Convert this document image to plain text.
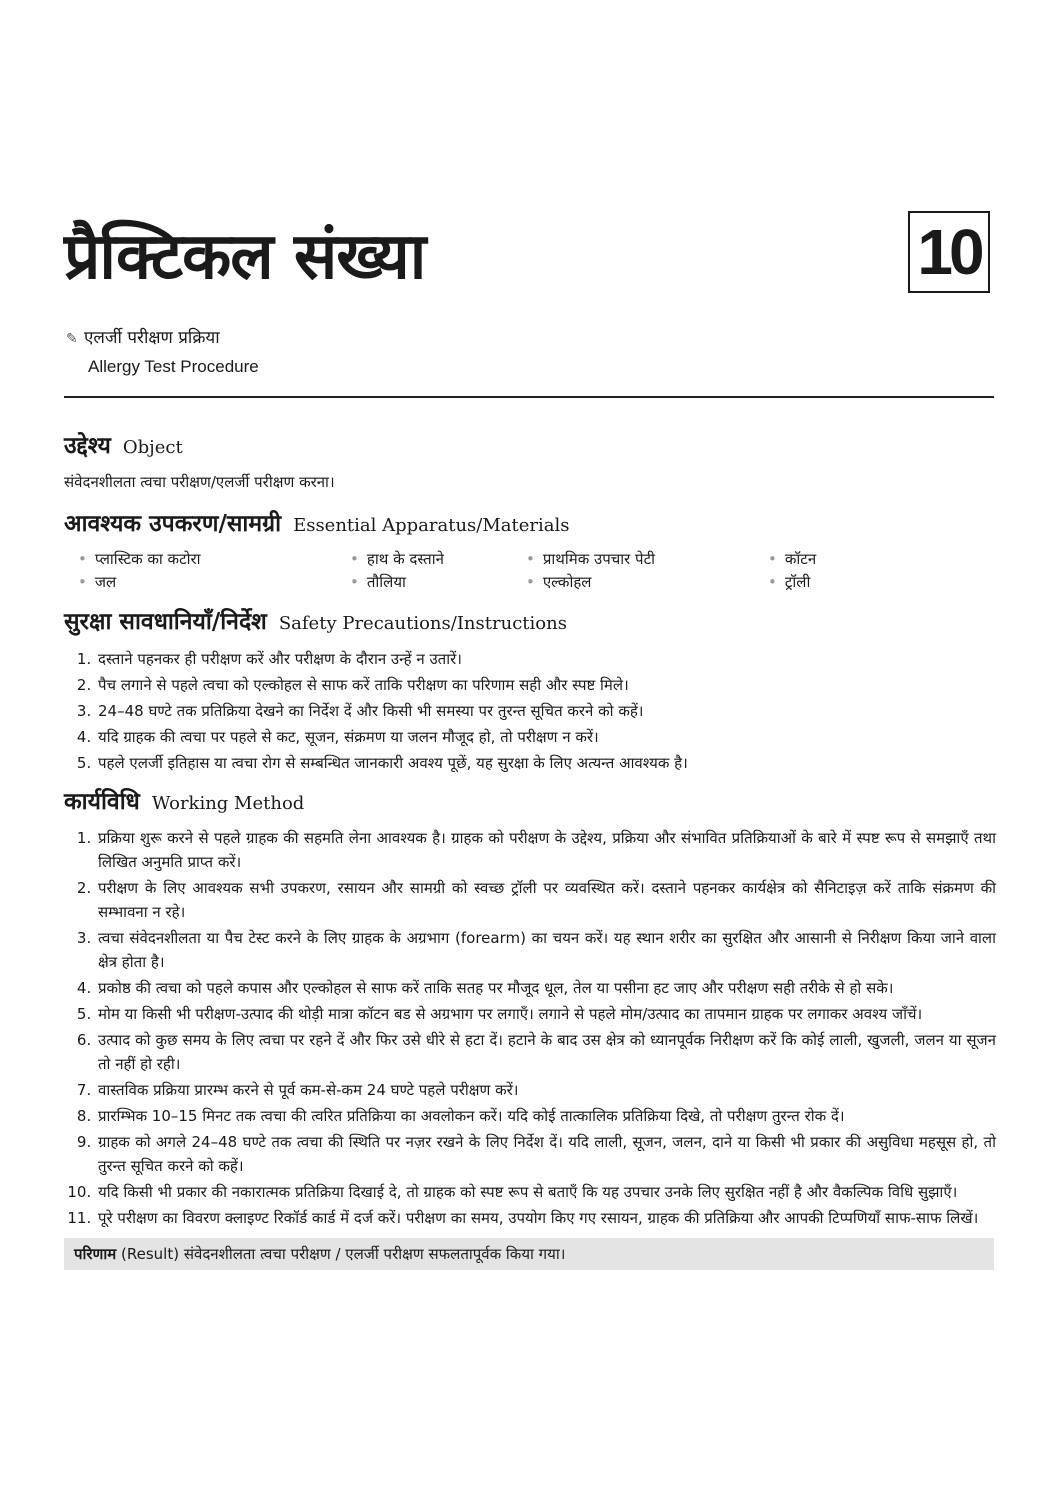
प्रैक्टिकल संख्या	10
✎ एलर्जी परीक्षण प्रक्रिया
Allergy Test Procedure
उद्देश्य Object

संवेदनशीलता त्वचा परीक्षण/एलर्जी परीक्षण करना।

आवश्यक उपकरण/सामग्री Essential Apparatus/Materials
• प्लास्टिक का कटोरा	• हाथ के दस्ताने	• प्राथमिक उपचार पेटी	• कॉटन
• जल	• तौलिया	• एल्कोहल	• ट्रॉली
सुरक्षा सावधानियाँ/निर्देश Safety Precautions/Instructions
1. दस्ताने पहनकर ही परीक्षण करें और परीक्षण के दौरान उन्हें न उतारें।
2. पैच लगाने से पहले त्वचा को एल्कोहल से साफ करें ताकि परीक्षण का परिणाम सही और स्पष्ट मिले।
3. 24–48 घण्टे तक प्रतिक्रिया देखने का निर्देश दें और किसी भी समस्या पर तुरन्त सूचित करने को कहें।
4. यदि ग्राहक की त्वचा पर पहले से कट, सूजन, संक्रमण या जलन मौजूद हो, तो परीक्षण न करें।
5. पहले एलर्जी इतिहास या त्वचा रोग से सम्बन्धित जानकारी अवश्य पूछें, यह सुरक्षा के लिए अत्यन्त आवश्यक है।
कार्यविधि Working Method
1. प्रक्रिया शुरू करने से पहले ग्राहक की सहमति लेना आवश्यक है। ग्राहक को परीक्षण के उद्देश्य, प्रक्रिया और संभावित प्रतिक्रियाओं के बारे में स्पष्ट रूप से समझाएँ तथा लिखित अनुमति प्राप्त करें।
2. परीक्षण के लिए आवश्यक सभी उपकरण, रसायन और सामग्री को स्वच्छ ट्रॉली पर व्यवस्थित करें। दस्ताने पहनकर कार्यक्षेत्र को सैनिटाइज़ करें ताकि संक्रमण की सम्भावना न रहे।
3. त्वचा संवेदनशीलता या पैच टेस्ट करने के लिए ग्राहक के अग्रभाग (forearm) का चयन करें। यह स्थान शरीर का सुरक्षित और आसानी से निरीक्षण किया जाने वाला क्षेत्र होता है।
4. प्रकोष्ठ की त्वचा को पहले कपास और एल्कोहल से साफ करें ताकि सतह पर मौजूद धूल, तेल या पसीना हट जाए और परीक्षण सही तरीके से हो सके।
5. मोम या किसी भी परीक्षण-उत्पाद की थोड़ी मात्रा कॉटन बड से अग्रभाग पर लगाएँ। लगाने से पहले मोम/उत्पाद का तापमान ग्राहक पर लगाकर अवश्य जाँचें।
6. उत्पाद को कुछ समय के लिए त्वचा पर रहने दें और फिर उसे धीरे से हटा दें। हटाने के बाद उस क्षेत्र को ध्यानपूर्वक निरीक्षण करें कि कोई लाली, खुजली, जलन या सूजन तो नहीं हो रही।
7. वास्तविक प्रक्रिया प्रारम्भ करने से पूर्व कम-से-कम 24 घण्टे पहले परीक्षण करें।
8. प्रारम्भिक 10–15 मिनट तक त्वचा की त्वरित प्रतिक्रिया का अवलोकन करें। यदि कोई तात्कालिक प्रतिक्रिया दिखे, तो परीक्षण तुरन्त रोक दें।
9. ग्राहक को अगले 24–48 घण्टे तक त्वचा की स्थिति पर नज़र रखने के लिए निर्देश दें। यदि लाली, सूजन, जलन, दाने या किसी भी प्रकार की असुविधा महसूस हो, तो तुरन्त सूचित करने को कहें।
10. यदि किसी भी प्रकार की नकारात्मक प्रतिक्रिया दिखाई दे, तो ग्राहक को स्पष्ट रूप से बताएँ कि यह उपचार उनके लिए सुरक्षित नहीं है और वैकल्पिक विधि सुझाएँ।
11. पूरे परीक्षण का विवरण क्लाइण्ट रिकॉर्ड कार्ड में दर्ज करें। परीक्षण का समय, उपयोग किए गए रसायन, ग्राहक की प्रतिक्रिया और आपकी टिप्पणियाँ साफ-साफ लिखें।
परिणाम (Result) संवेदनशीलता त्वचा परीक्षण / एलर्जी परीक्षण सफलतापूर्वक किया गया।
